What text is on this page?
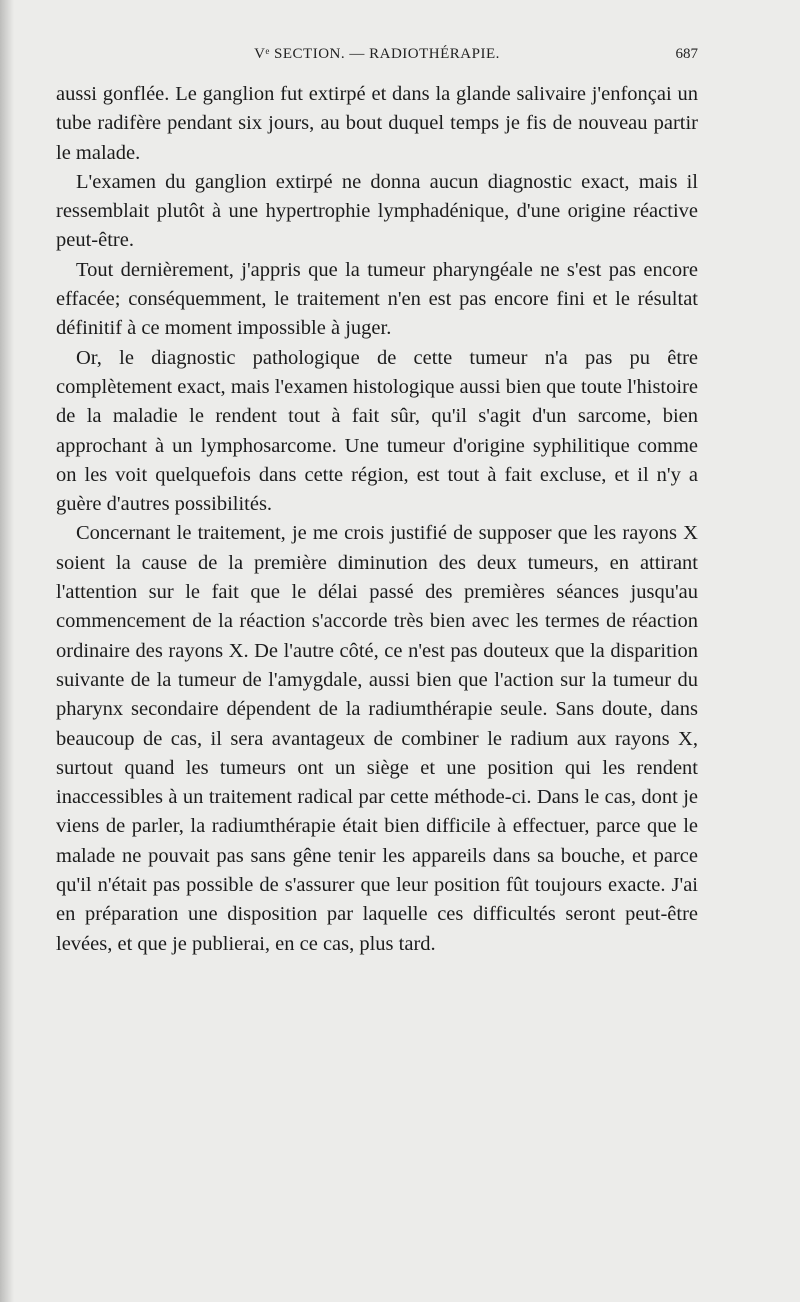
Vᵉ SECTION. — RADIOTHÉRAPIE.	687

aussi gonflée. Le ganglion fut extirpé et dans la glande salivaire j'enfonçai un tube radifère pendant six jours, au bout duquel temps je fis de nouveau partir le malade.

L'examen du ganglion extirpé ne donna aucun diagnostic exact, mais il ressemblait plutôt à une hypertrophie lymphadénique, d'une origine réactive peut-être.

Tout dernièrement, j'appris que la tumeur pharyngéale ne s'est pas encore effacée; conséquemment, le traitement n'en est pas encore fini et le résultat définitif à ce moment impossible à juger.

Or, le diagnostic pathologique de cette tumeur n'a pas pu être complètement exact, mais l'examen histologique aussi bien que toute l'histoire de la maladie le rendent tout à fait sûr, qu'il s'agit d'un sarcome, bien approchant à un lymphosarcome. Une tumeur d'origine syphilitique comme on les voit quelquefois dans cette région, est tout à fait excluse, et il n'y a guère d'autres possibilités.

Concernant le traitement, je me crois justifié de supposer que les rayons X soient la cause de la première diminution des deux tumeurs, en attirant l'attention sur le fait que le délai passé des premières séances jusqu'au commencement de la réaction s'accorde très bien avec les termes de réaction ordinaire des rayons X. De l'autre côté, ce n'est pas douteux que la disparition suivante de la tumeur de l'amygdale, aussi bien que l'action sur la tumeur du pharynx secondaire dépendent de la radiumthérapie seule. Sans doute, dans beaucoup de cas, il sera avantageux de combiner le radium aux rayons X, surtout quand les tumeurs ont un siège et une position qui les rendent inaccessibles à un traitement radical par cette méthode-ci. Dans le cas, dont je viens de parler, la radiumthérapie était bien difficile à effectuer, parce que le malade ne pouvait pas sans gêne tenir les appareils dans sa bouche, et parce qu'il n'était pas possible de s'assurer que leur position fût toujours exacte. J'ai en préparation une disposition par laquelle ces difficultés seront peut-être levées, et que je publierai, en ce cas, plus tard.
